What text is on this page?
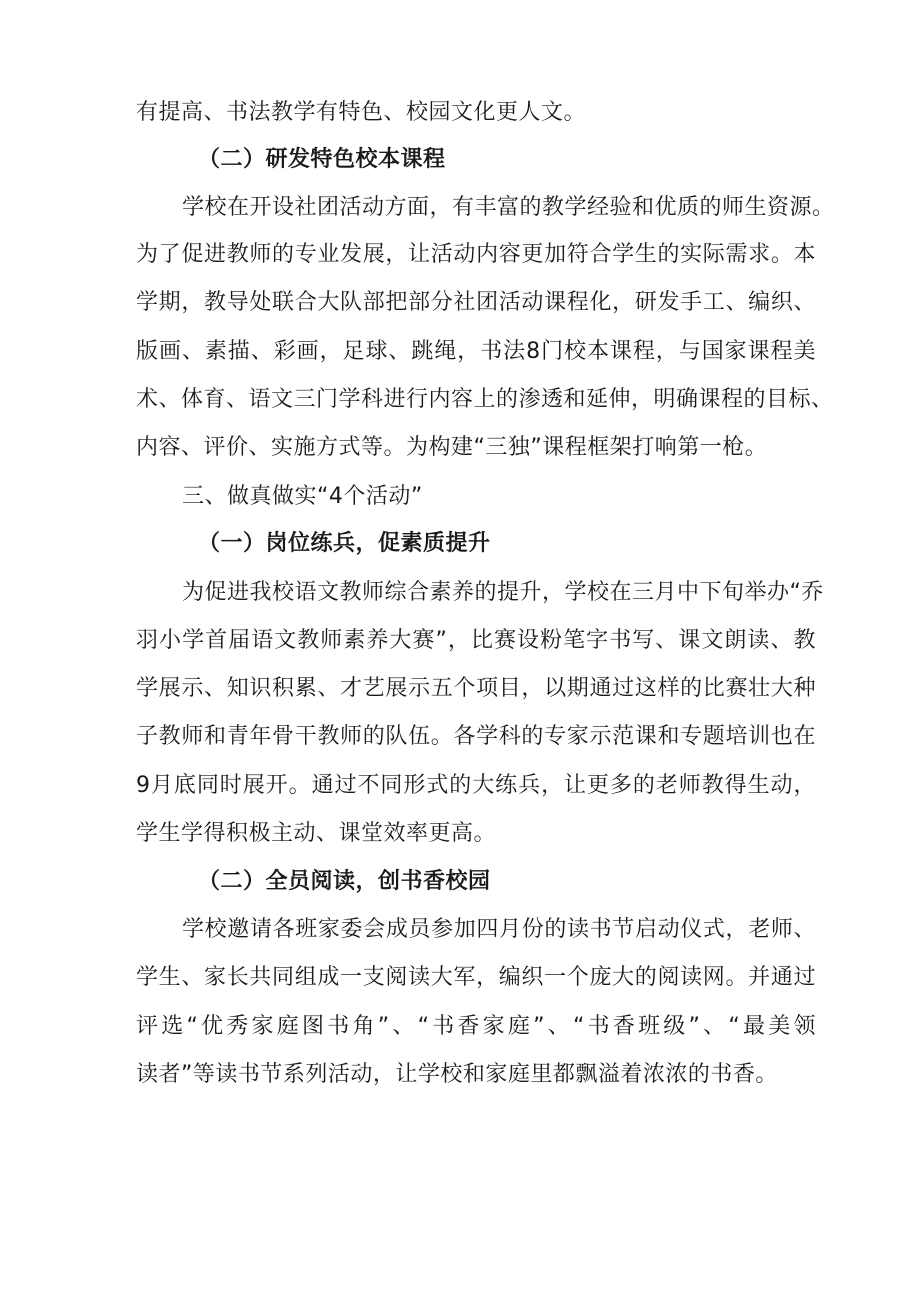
有提高、书法教学有特色、校园文化更人文。
（二）研发特色校本课程
学校在开设社团活动方面，有丰富的教学经验和优质的师生资源。
为了促进教师的专业发展，让活动内容更加符合学生的实际需求。本
学期，教导处联合大队部把部分社团活动课程化，研发手工、编织、
版画、素描、彩画，足球、跳绳，书法8门校本课程，与国家课程美
术、体育、语文三门学科进行内容上的渗透和延伸，明确课程的目标、
内容、评价、实施方式等。为构建“三独”课程框架打响第一枪。
三、做真做实“4个活动”
（一）岗位练兵，促素质提升
为促进我校语文教师综合素养的提升，学校在三月中下旬举办“乔
羽小学首届语文教师素养大赛”，比赛设粉笔字书写、课文朗读、教
学展示、知识积累、才艺展示五个项目，以期通过这样的比赛壮大种
子教师和青年骨干教师的队伍。各学科的专家示范课和专题培训也在
9月底同时展开。通过不同形式的大练兵，让更多的老师教得生动，
学生学得积极主动、课堂效率更高。
（二）全员阅读，创书香校园
学校邀请各班家委会成员参加四月份的读书节启动仪式，老师、
学生、家长共同组成一支阅读大军，编织一个庞大的阅读网。并通过
评选“优秀家庭图书角”、“书香家庭”、“书香班级”、“最美领
读者”等读书节系列活动，让学校和家庭里都飘溢着浓浓的书香。
